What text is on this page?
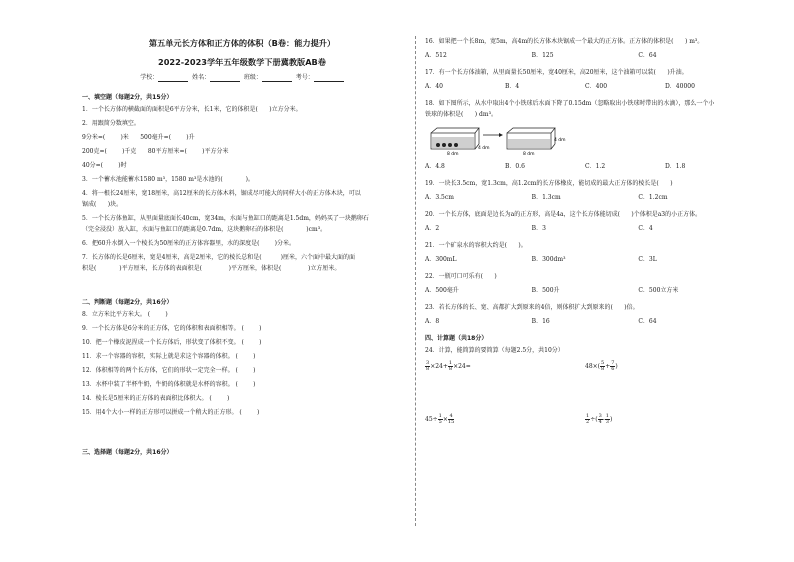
第五单元长方体和正方体的体积（B卷：能力提升）
2022-2023学年五年级数学下册冀教版AB卷
学校：	姓名：	班级：	考号：
一、填空题（每题2分，共15分）
1．一个长方体的横截面的面积是6平方分米，长1米，它的体积是(      )立方分米。
2．用跟简分数填空。
9分米=(        )米      500毫升=(        )升
200克=(        )千克      80平方厘米=(        )平方分米
40分=(        )时
3．一个蓄水池能蓄水1580 m³，1580 m³是水池的(            )。
4．将一根长24厘米，宽18厘米，高12厘米的长方体木料，锯成尽可能大的同样大小的正方体木块，可以
锯成(      )块。
5．一个长方体鱼缸，从里面量底面长40cm，宽34m，水面与鱼缸口的距离是1.5dm，妈妈买了一块鹅卵石
（完全浸没）放入缸，水面与鱼缸口的距离是0.7dm，这块鹅卵石的体积是(            )cm³。
6．把60升水倒入一个棱长为50厘米的正方体容器里，水的深度是(        )分米。
7．长方体的长是6厘米，宽是4厘米，高是2厘米，它的棱长总和是(          )厘米，六个面中最大面的面
积是(            )平方厘米，长方体的表面积是(              )平方厘米，体积是(              )立方厘米。
二、判断题（每题2分，共16分）
8．立方米比平方米大。 (        )
9．一个长方体是6分米的正方体，它的体积和表面积相等。 (        )
10．把一个橡皮泥捏成一个长方体后，形状变了体积不变。 (        )
11．求一个容器的容积，实际上就是求这个容器的体积。 (        )
12．体积相等的两个长方体，它们的形状一定完全一样。 (        )
13．水杯中装了半杯牛奶，牛奶的体积就是水杯的容积。 (        )
14．棱长是5厘米的正方体的表面积比体积大。 (        )
15．用4个大小一样的正方形可以拼成一个稍大的正方形。 (        )
三、选择题（每题2分，共16分）
16．如果把一个长8m，宽5m，高4m的长方体木块锯成一个最大的正方体。正方体的体积是(      ) m³。
A．512	B．125	C．64
17．有一个长方体油箱，从里面量长50厘米，宽40厘米，高20厘米，这个油箱可以装(      )升油。
A．40	B．4	C．400	D．40000
18．如下图所示，从水中取出4个小铁球后水面下降了0.15dm（忽略取出小铁球时带出的水滴），那么一个小
铁球的体积是(      ) dm³。
4 dm
4 dm
8 dm	8 dm
A．4.8	B．0.6	C．1.2	D．1.8
19．一块长3.5cm，宽1.3cm，高1.2cm的长方体橡皮，能切成的最大正方体的棱长是(      )
A．3.5cm	B．1.3cm	C．1.2cm
20．一个长方体，底面是边长为a的正方形，高是4a，这个长方体能切成(      )个体积是a3的小正方体。
A．2	B．3	C．4
21．一个矿泉水的容积大约是(      )。
A．300mL	B．300dm³	C．3L
22．一瓶可口可乐有(      )
A．500毫升	B．500升	C．500立方米
23．若长方体的长、宽、高都扩大到原来的4倍，则体积扩大到原来的(      )倍。
A．8	B．16	C．64
四、计算题（共18分）
24．计算，能简算的要简算（每题2.5分，共10分）
$\frac{3}{8} \times 24+ \frac{1}{8} \times 24=$	$48\times( \frac{5}{8} + \frac{7}{6}$ )
$45\div \frac{1}{5} \times \frac{4}{15}$	$\frac{1}{2}$ ÷( $\frac{3}{4} - \frac{1}{3}$ )
